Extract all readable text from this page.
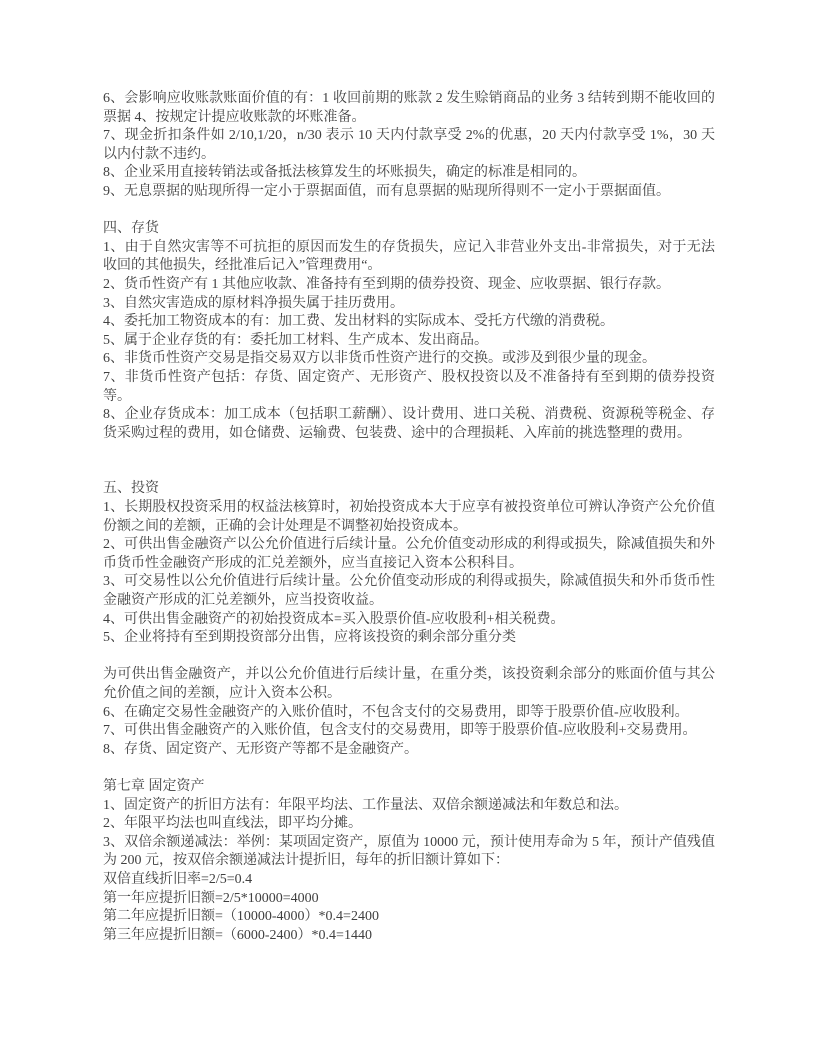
6、会影响应收账款账面价值的有：1 收回前期的账款 2 发生赊销商品的业务 3 结转到期不能收回的票据 4、按规定计提应收账款的坏账准备。

7、现金折扣条件如 2/10,1/20，n/30 表示 10 天内付款享受 2%的优惠，20 天内付款享受 1%，30 天以内付款不违约。

8、企业采用直接转销法或备抵法核算发生的坏账损失，确定的标准是相同的。

9、无息票据的贴现所得一定小于票据面值，而有息票据的贴现所得则不一定小于票据面值。

四、存货

1、由于自然灾害等不可抗拒的原因而发生的存货损失，应记入非营业外支出-非常损失，对于无法收回的其他损失，经批准后记入”管理费用“。

2、货币性资产有 1 其他应收款、准备持有至到期的债券投资、现金、应收票据、银行存款。

3、自然灾害造成的原材料净损失属于挂历费用。

4、委托加工物资成本的有：加工费、发出材料的实际成本、受托方代缴的消费税。

5、属于企业存货的有：委托加工材料、生产成本、发出商品。

6、非货币性资产交易是指交易双方以非货币性资产进行的交换。或涉及到很少量的现金。

7、非货币性资产包括：存货、固定资产、无形资产、股权投资以及不准备持有至到期的债券投资等。

8、企业存货成本：加工成本（包括职工薪酬）、设计费用、进口关税、消费税、资源税等税金、存货采购过程的费用，如仓储费、运输费、包装费、途中的合理损耗、入库前的挑选整理的费用。

五、投资

1、长期股权投资采用的权益法核算时，初始投资成本大于应享有被投资单位可辨认净资产公允价值份额之间的差额，正确的会计处理是不调整初始投资成本。

2、可供出售金融资产以公允价值进行后续计量。公允价值变动形成的利得或损失，除减值损失和外币货币性金融资产形成的汇兑差额外，应当直接记入资本公积科目。

3、可交易性以公允价值进行后续计量。公允价值变动形成的利得或损失，除减值损失和外币货币性金融资产形成的汇兑差额外，应当投资收益。

4、可供出售金融资产的初始投资成本=买入股票价值-应收股利+相关税费。

5、企业将持有至到期投资部分出售，应将该投资的剩余部分重分类

为可供出售金融资产，并以公允价值进行后续计量，在重分类，该投资剩余部分的账面价值与其公允价值之间的差额，应计入资本公积。

6、在确定交易性金融资产的入账价值时，不包含支付的交易费用，即等于股票价值-应收股利。

7、可供出售金融资产的入账价值，包含支付的交易费用，即等于股票价值-应收股利+交易费用。

8、存货、固定资产、无形资产等都不是金融资产。

第七章 固定资产

1、固定资产的折旧方法有：年限平均法、工作量法、双倍余额递减法和年数总和法。

2、年限平均法也叫直线法，即平均分摊。

3、双倍余额递减法：举例：某项固定资产，原值为 10000 元，预计使用寿命为 5 年，预计产值残值为 200 元，按双倍余额递减法计提折旧，每年的折旧额计算如下：

双倍直线折旧率=2/5=0.4

第一年应提折旧额=2/5*10000=4000

第二年应提折旧额=（10000-4000）*0.4=2400

第三年应提折旧额=（6000-2400）*0.4=1440
